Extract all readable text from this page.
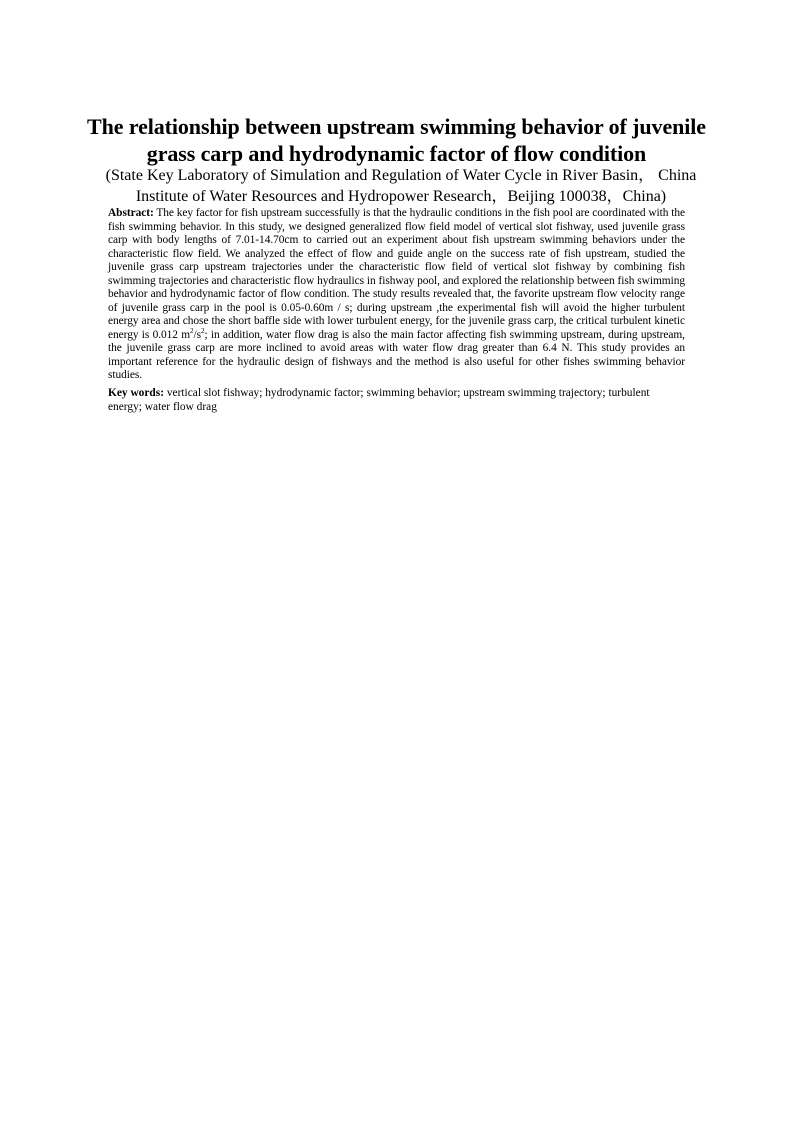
The relationship between upstream swimming behavior of juvenile grass carp and hydrodynamic factor of flow condition

(State Key Laboratory of Simulation and Regulation of Water Cycle in River Basin， China
Institute of Water Resources and Hydropower Research，Beijing 100038，China)

Abstract: The key factor for fish upstream successfully is that the hydraulic conditions in the fish pool are coordinated with the fish swimming behavior. In this study, we designed generalized flow field model of vertical slot fishway, used juvenile grass carp with body lengths of 7.01-14.70cm to carried out an experiment about fish upstream swimming behaviors under the characteristic flow field. We analyzed the effect of flow and guide angle on the success rate of fish upstream, studied the juvenile grass carp upstream trajectories under the characteristic flow field of vertical slot fishway by combining fish swimming trajectories and characteristic flow hydraulics in fishway pool, and explored the relationship between fish swimming behavior and hydrodynamic factor of flow condition. The study results revealed that, the favorite upstream flow velocity range of juvenile grass carp in the pool is 0.05-0.60m / s; during upstream ,the experimental fish will avoid the higher turbulent energy area and chose the short baffle side with lower turbulent energy, for the juvenile grass carp, the critical turbulent kinetic energy is 0.012 $m^2/s^2$; in addition, water flow drag is also the main factor affecting fish swimming upstream, during upstream, the juvenile grass carp are more inclined to avoid areas with water flow drag greater than 6.4 N. This study provides an important reference for the hydraulic design of fishways and the method is also useful for other fishes swimming behavior studies.

Key words: vertical slot fishway; hydrodynamic factor; swimming behavior; upstream swimming trajectory; turbulent energy; water flow drag
